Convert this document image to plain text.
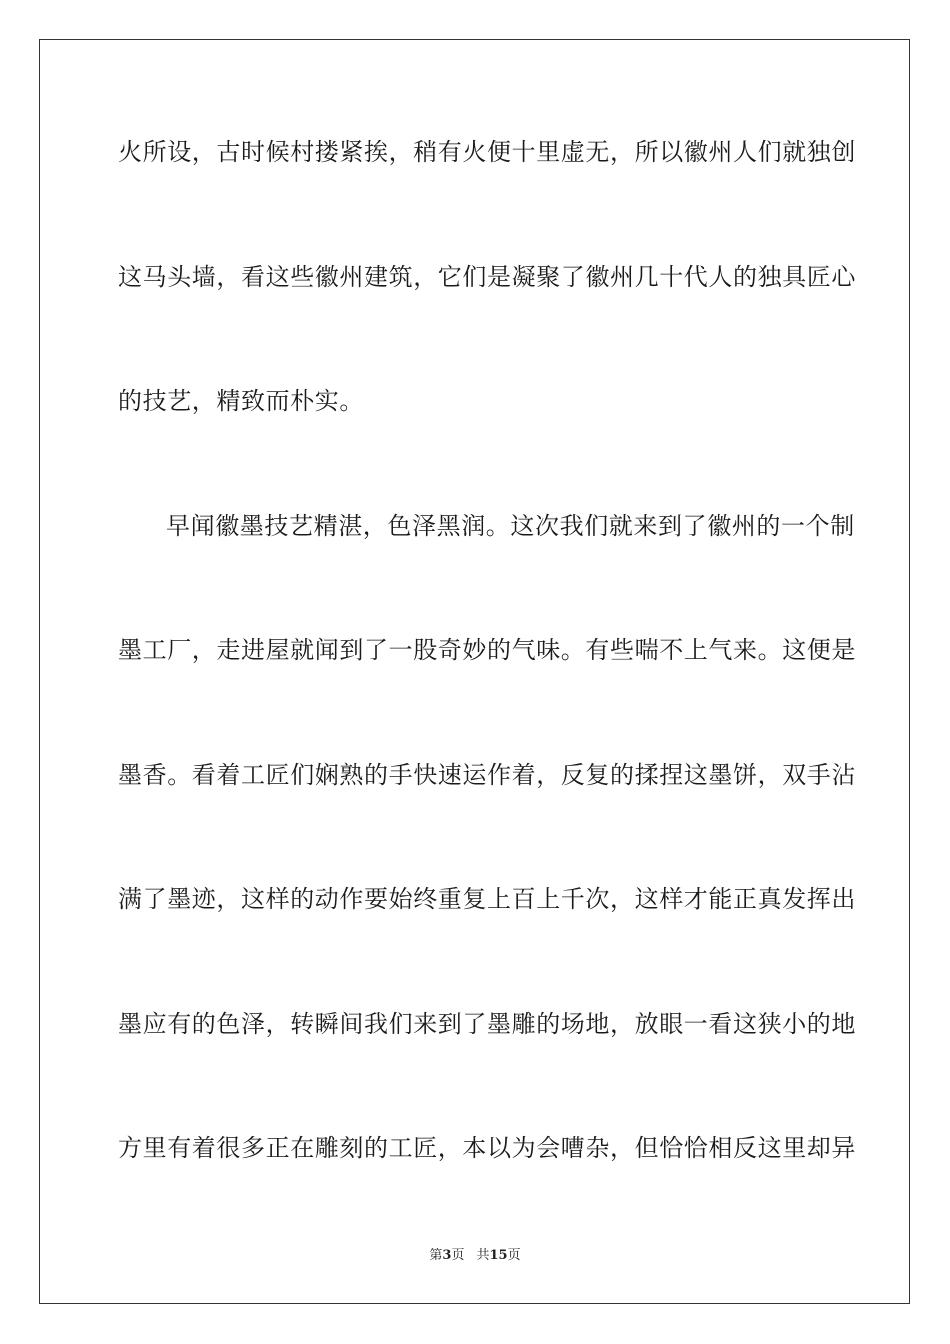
火所设，古时候村搂紧挨，稍有火便十里虚无，所以徽州人们就独创
这马头墙，看这些徽州建筑，它们是凝聚了徽州几十代人的独具匠心
的技艺，精致而朴实。
早闻徽墨技艺精湛，色泽黑润。这次我们就来到了徽州的一个制
墨工厂，走进屋就闻到了一股奇妙的气味。有些喘不上气来。这便是
墨香。看着工匠们娴熟的手快速运作着，反复的揉捏这墨饼，双手沾
满了墨迹，这样的动作要始终重复上百上千次，这样才能正真发挥出
墨应有的色泽，转瞬间我们来到了墨雕的场地，放眼一看这狭小的地
方里有着很多正在雕刻的工匠，本以为会嘈杂，但恰恰相反这里却异
第3页 共15页
